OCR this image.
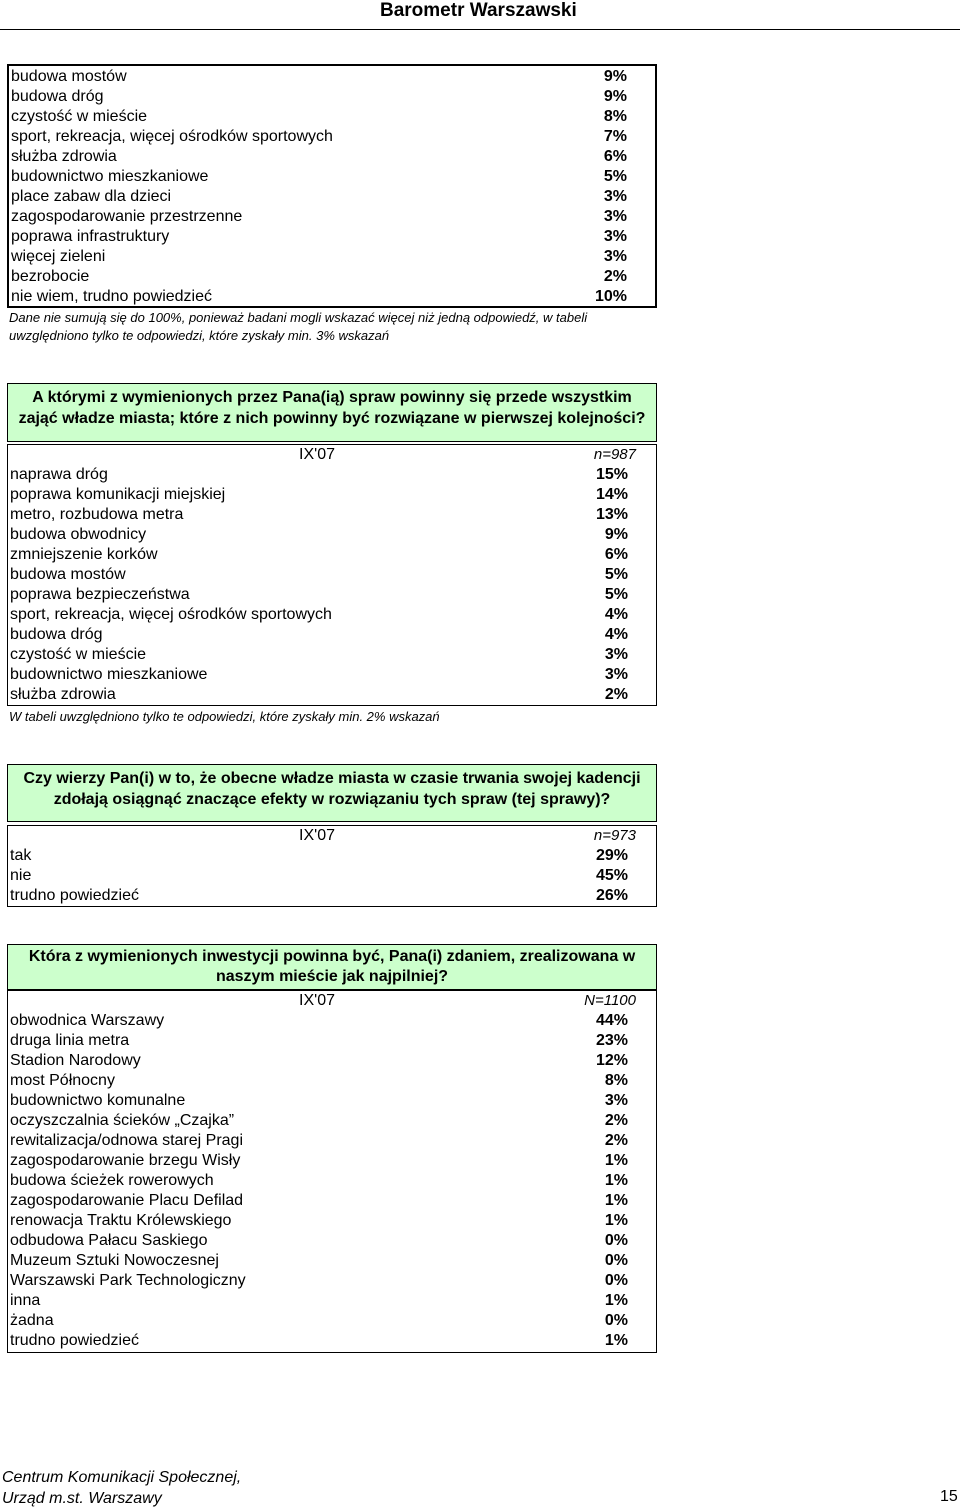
Barometr Warszawski
budowa mostów	9%
budowa dróg	9%
czystość w mieście	8%
sport, rekreacja, więcej ośrodków sportowych	7%
służba zdrowia	6%
budownictwo mieszkaniowe	5%
place zabaw dla dzieci	3%
zagospodarowanie przestrzenne	3%
poprawa infrastruktury	3%
więcej zieleni	3%
bezrobocie	2%
nie wiem, trudno powiedzieć	10%
Dane nie sumują się do 100%, ponieważ badani mogli wskazać więcej niż jedną odpowiedź, w tabeli
uwzględniono tylko te odpowiedzi, które zyskały min. 3% wskazań
A którymi z wymienionych przez Pana(ią) spraw powinny się przede wszystkim
zająć władze miasta; które z nich powinny być rozwiązane w pierwszej kolejności?
IX'07	n=987
naprawa dróg	15%
poprawa komunikacji miejskiej	14%
metro, rozbudowa metra	13%
budowa obwodnicy	9%
zmniejszenie korków	6%
budowa mostów	5%
poprawa bezpieczeństwa	5%
sport, rekreacja, więcej ośrodków sportowych	4%
budowa dróg	4%
czystość w mieście	3%
budownictwo mieszkaniowe	3%
służba zdrowia	2%
W tabeli uwzględniono tylko te odpowiedzi, które zyskały min. 2% wskazań
Czy wierzy Pan(i) w to, że obecne władze miasta w czasie trwania swojej kadencji
zdołają osiągnąć znaczące efekty w rozwiązaniu tych spraw (tej sprawy)?
IX'07	n=973
tak	29%
nie	45%
trudno powiedzieć	26%
Która z wymienionych inwestycji powinna być, Pana(i) zdaniem, zrealizowana w
naszym mieście jak najpilniej?
IX'07	N=1100
obwodnica Warszawy	44%
druga linia metra	23%
Stadion Narodowy	12%
most Północny	8%
budownictwo komunalne	3%
oczyszczalnia ścieków „Czajka”	2%
rewitalizacja/odnowa starej Pragi	2%
zagospodarowanie brzegu Wisły	1%
budowa ścieżek rowerowych	1%
zagospodarowanie Placu Defilad	1%
renowacja Traktu Królewskiego	1%
odbudowa Pałacu Saskiego	0%
Muzeum Sztuki Nowoczesnej	0%
Warszawski Park Technologiczny	0%
inna	1%
żadna	0%
trudno powiedzieć	1%
Centrum Komunikacji Społecznej,
Urząd m.st. Warszawy	15
